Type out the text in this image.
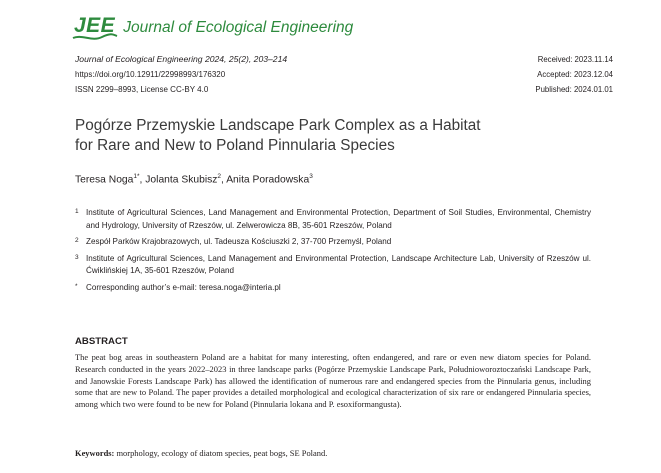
JEE Journal of Ecological Engineering
Journal of Ecological Engineering 2024, 25(2), 203–214
https://doi.org/10.12911/22998993/176320
ISSN 2299–8993, License CC-BY 4.0
Received: 2023.11.14
Accepted: 2023.12.04
Published: 2024.01.01
Pogórze Przemyskie Landscape Park Complex as a Habitat
for Rare and New to Poland Pinnularia Species
Teresa Noga$^{1*}$, Jolanta Skubisz$^2$, Anita Poradowska$^3$
1 Institute of Agricultural Sciences, Land Management and Environmental Protection, Department of Soil Studies, Environmental, Chemistry and Hydrology, University of Rzeszów, ul. Zelwerowicza 8B, 35-601 Rzeszów, Poland
2 Zespół Parków Krajobrazowych, ul. Tadeusza Kościuszki 2, 37-700 Przemyśl, Poland
3 Institute of Agricultural Sciences, Land Management and Environmental Protection, Landscape Architecture Lab, University of Rzeszów ul. Ćwiklińskiej 1A, 35-601 Rzeszów, Poland
*	Corresponding author’s e-mail: teresa.noga@interia.pl
ABSTRACT
The peat bog areas in southeastern Poland are a habitat for many interesting, often endangered, and rare or even new diatom species for Poland. Research conducted in the years 2022–2023 in three landscape parks (Pogórze Przemyskie Landscape Park, Południoworoztoczański Landscape Park, and Janowskie Forests Landscape Park) has allowed the identification of numerous rare and endangered species from the Pinnularia genus, including some that are new to Poland. The paper provides a detailed morphological and ecological characterization of six rare or endangered Pinnularia species, among which two were found to be new for Poland (Pinnularia lokana and P. esoxiformangusta).
Keywords: morphology, ecology of diatom species, peat bogs, SE Poland.
